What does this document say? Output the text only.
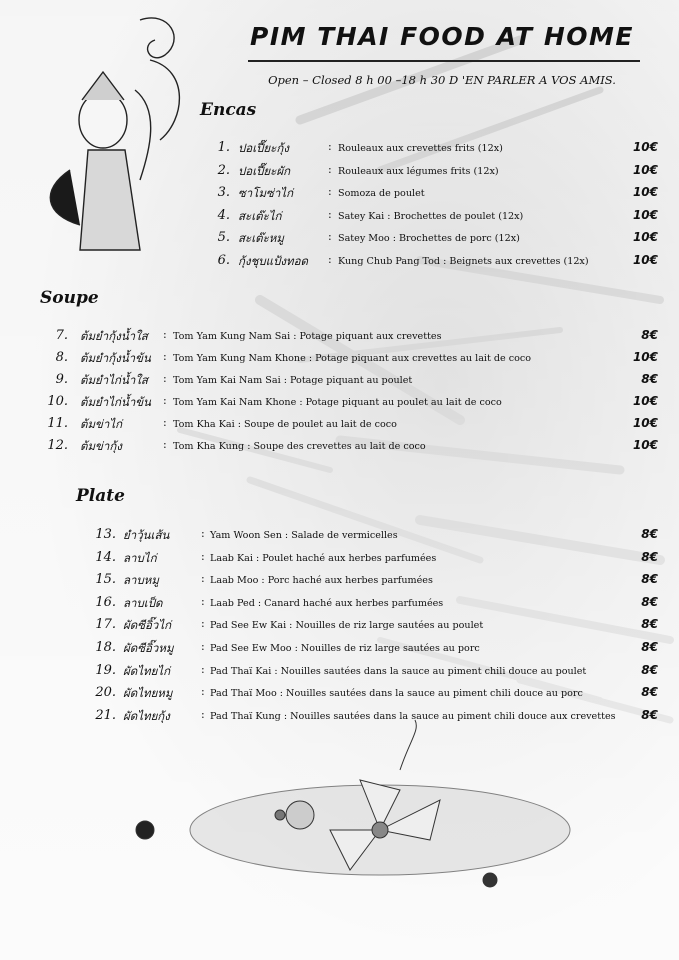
PIM THAI FOOD AT HOME
Open – Closed 8 h 00 –18 h 30 D 'EN PARLER A VOS AMIS.
Encas
Soupe
Plate
1. ปอเปี๊ยะกุ้ง	: Rouleaux aux crevettes frits (12x)	10€
2. ปอเปี๊ยะผัก	: Rouleaux aux légumes frits (12x)	10€
3. ซาโมซ่าไก่	: Somoza de poulet	10€
4. สะเต๊ะไก่	: Satey Kai : Brochettes de poulet (12x)	10€
5. สะเต๊ะหมู	: Satey Moo : Brochettes de porc (12x)	10€
6. กุ้งชุบแป้งทอด : Kung Chub Pang Tod : Beignets aux crevettes (12x)	10€
7. ต้มยำกุ้งน้ำใส : Tom Yam Kung Nam Sai : Potage piquant aux crevettes	8€
8. ต้มยำกุ้งน้ำข้น : Tom Yam Kung Nam Khone : Potage piquant aux crevettes au lait de coco	10€
9. ต้มยำไก่น้ำใส : Tom Yam Kai Nam Sai : Potage piquant au poulet	8€
10. ต้มยำไก่น้ำข้น : Tom Yam Kai Nam Khone : Potage piquant au poulet au lait de coco	10€
11. ต้มข่าไก่	: Tom Kha Kai : Soupe de poulet au lait de coco	10€
12. ต้มข่ากุ้ง	: Tom Kha Kung : Soupe des crevettes au lait de coco	10€
13. ยำวุ้นเส้น	: Yam Woon Sen : Salade de vermicelles	8€
14. ลาบไก่	: Laab Kai : Poulet haché aux herbes parfumées	8€
15. ลาบหมู	: Laab Moo : Porc haché aux herbes parfumées	8€
16. ลาบเป็ด	: Laab Ped : Canard haché aux herbes parfumées	8€
17. ผัดซีอิ๊วไก่	: Pad See Ew Kai : Nouilles de riz large sautées au poulet	8€
18. ผัดซีอิ๊วหมู : Pad See Ew Moo : Nouilles de riz large sautées au porc	8€
19. ผัดไทยไก่	: Pad Thaï Kai : Nouilles sautées dans la sauce au piment chili douce au poulet	8€
20. ผัดไทยหมู	: Pad Thaï Moo : Nouilles sautées dans la sauce au piment chili douce au porc	8€
21. ผัดไทยกุ้ง	: Pad Thaï Kung : Nouilles sautées dans la sauce au piment chili douce aux crevettes	8€
